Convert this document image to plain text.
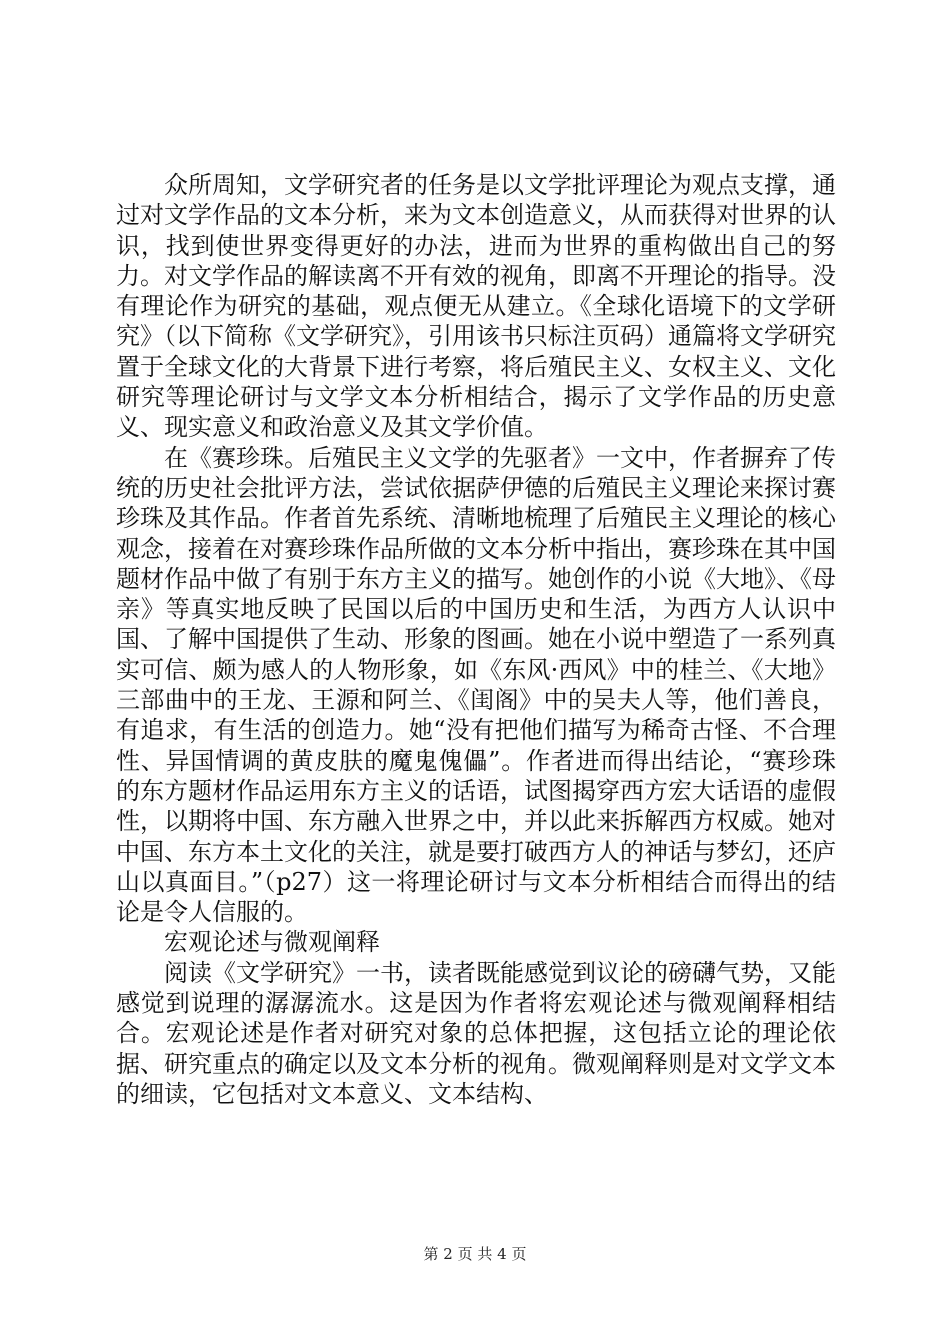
众所周知，文学研究者的任务是以文学批评理论为观点支撑，通过对文学作品的文本分析，来为文本创造意义，从而获得对世界的认识，找到使世界变得更好的办法，进而为世界的重构做出自己的努力。对文学作品的解读离不开有效的视角，即离不开理论的指导。没有理论作为研究的基础，观点便无从建立。《全球化语境下的文学研究》（以下简称《文学研究》，引用该书只标注页码）通篇将文学研究置于全球文化的大背景下进行考察，将后殖民主义、女权主义、文化研究等理论研讨与文学文本分析相结合，揭示了文学作品的历史意义、现实意义和政治意义及其文学价值。

在《赛珍珠。后殖民主义文学的先驱者》一文中，作者摒弃了传统的历史社会批评方法，尝试依据萨伊德的后殖民主义理论来探讨赛珍珠及其作品。作者首先系统、清晰地梳理了后殖民主义理论的核心观念，接着在对赛珍珠作品所做的文本分析中指出，赛珍珠在其中国题材作品中做了有别于东方主义的描写。她创作的小说《大地》、《母亲》等真实地反映了民国以后的中国历史和生活，为西方人认识中国、了解中国提供了生动、形象的图画。她在小说中塑造了一系列真实可信、颇为感人的人物形象，如《东风·西风》中的桂兰、《大地》三部曲中的王龙、王源和阿兰、《闺阁》中的吴夫人等，他们善良，有追求，有生活的创造力。她“没有把他们描写为稀奇古怪、不合理性、异国情调的黄皮肤的魔鬼傀儡”。作者进而得出结论，“赛珍珠的东方题材作品运用东方主义的话语，试图揭穿西方宏大话语的虚假性，以期将中国、东方融入世界之中，并以此来拆解西方权威。她对中国、东方本土文化的关注，就是要打破西方人的神话与梦幻，还庐山以真面目。”（p27）这一将理论研讨与文本分析相结合而得出的结论是令人信服的。

宏观论述与微观阐释

阅读《文学研究》一书，读者既能感觉到议论的磅礴气势，又能感觉到说理的潺潺流水。这是因为作者将宏观论述与微观阐释相结合。宏观论述是作者对研究对象的总体把握，这包括立论的理论依据、研究重点的确定以及文本分析的视角。微观阐释则是对文学文本的细读，它包括对文本意义、文本结构、

第 2 页 共 4 页
